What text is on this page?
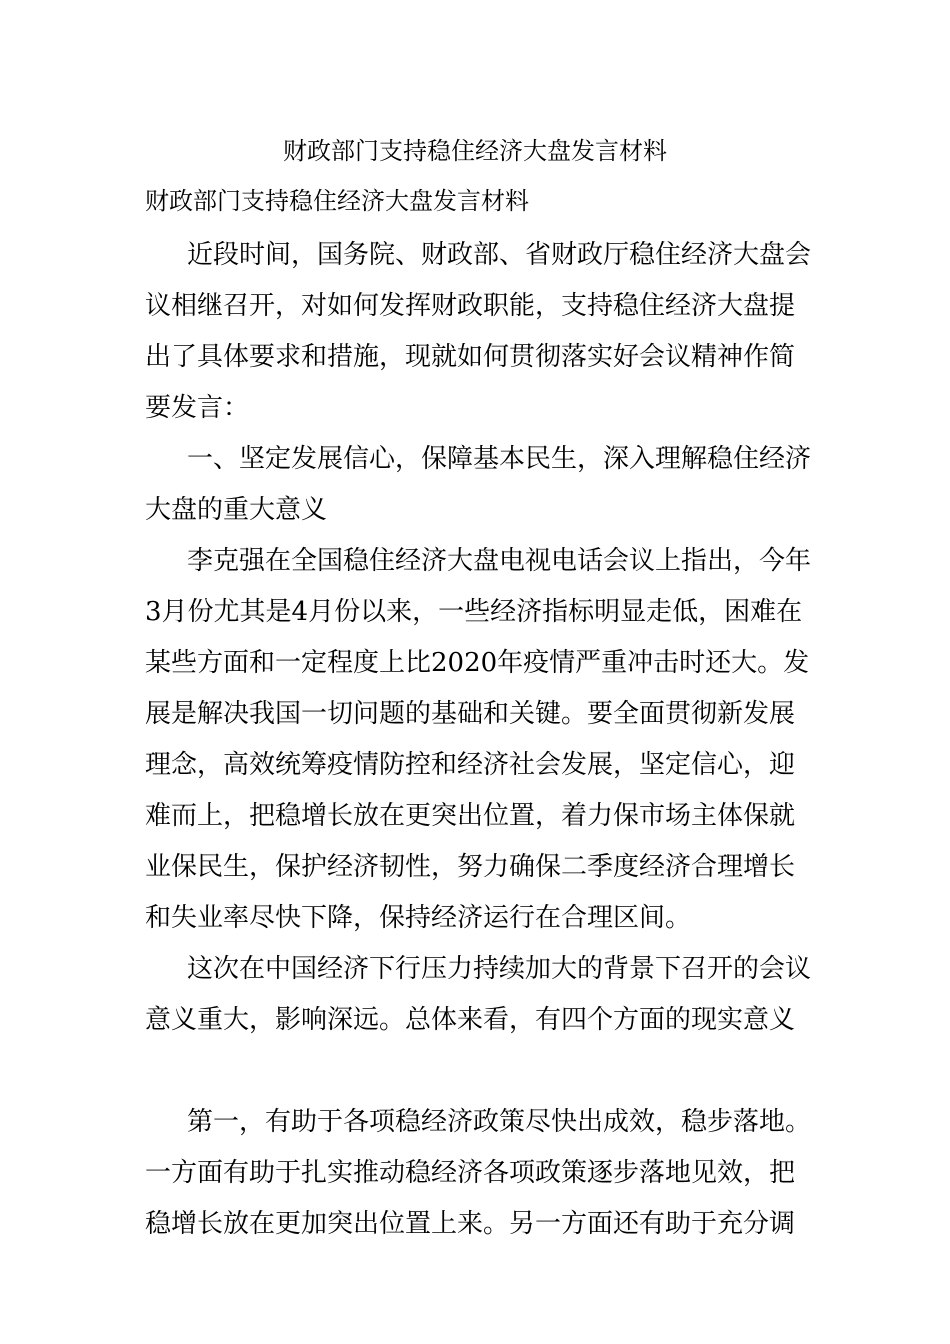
财政部门支持稳住经济大盘发言材料
财政部门支持稳住经济大盘发言材料
近段时间，国务院、财政部、省财政厅稳住经济大盘会
议相继召开，对如何发挥财政职能，支持稳住经济大盘提
出了具体要求和措施，现就如何贯彻落实好会议精神作简
要发言：
一、坚定发展信心，保障基本民生，深入理解稳住经济
大盘的重大意义
李克强在全国稳住经济大盘电视电话会议上指出，今年
3月份尤其是4月份以来，一些经济指标明显走低，困难在
某些方面和一定程度上比2020年疫情严重冲击时还大。发
展是解决我国一切问题的基础和关键。要全面贯彻新发展
理念，高效统筹疫情防控和经济社会发展，坚定信心，迎
难而上，把稳增长放在更突出位置，着力保市场主体保就
业保民生，保护经济韧性，努力确保二季度经济合理增长
和失业率尽快下降，保持经济运行在合理区间。
这次在中国经济下行压力持续加大的背景下召开的会议
意义重大，影响深远。总体来看，有四个方面的现实意义
第一，有助于各项稳经济政策尽快出成效，稳步落地。
一方面有助于扎实推动稳经济各项政策逐步落地见效，把
稳增长放在更加突出位置上来。另一方面还有助于充分调
